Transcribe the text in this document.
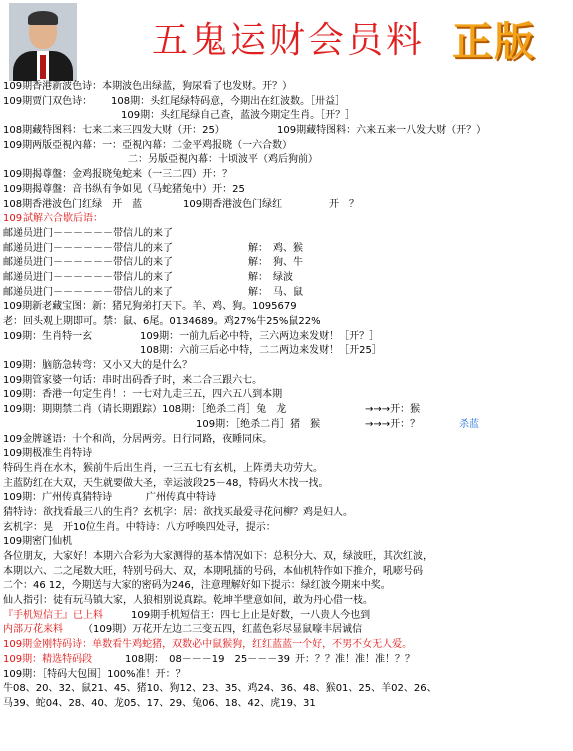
五鬼运财会员料 正版
109期香港新波色诗：本期波色出绿蓝，狗尿看了也发财。开？）
109期贾门双色诗： 108期：头红尾绿特码意，今期出在红波数。［卅益］
109期：头红尾绿自己查，蓝波今期定生肖。［开？］
108期藏特图料：七来二来三四发大财（开：25）	109期藏特图料：六来五来一八发大财（开？）
109期两版亞視內幕：一：亞視內幕：二金平鸡报晓（一六合数）
二：另版亞視內幕：十顷波平（鸡后狗前）
109期揭尊盤：金鸡报晓兔蛇来（一三二四）开：？
109期揭尊盤：音书纵有争如见（马蛇猪兔中）开：25
108期香港波色门红绿　开　蓝	109期香港波色门绿红	开　？
109 試解六合歇后语：
邮递员进门－－－－－－带信儿的来了
邮递员进门－－－－－－带信儿的来了	解：　鸡、猴
邮递员进门－－－－－－带信儿的来了	解：　狗、牛
邮递员进门－－－－－－带信儿的来了	解：　绿波
邮递员进门－－－－－－带信儿的来了	解：　马、鼠
109期新老藏宝图：新：猪兄狗弟打天下。羊、鸡、狗。1095679
老：回头观上期即可。禁：鼠、6尾。0134689。鸡27%牛25%鼠22%
109期：生肖特一玄	109期：一前九后必中特，三六两边来发财！［开？］
108期：六前三后必中特，二二两边来发财！［开25］
109期：脑筋急转弯：又小又大的是什么？
109期管家婆一句话：串时出码香子时，来二合三跟六七。
109期：香港一句定生肖！：一七对九走三五，四六五八到本期
109期：期期禁二肖（请长期跟踪）108期：［绝杀二肖］兔　龙	→→→开：猴
109期：［绝杀二肖］猪　猴	→→→开：？	杀蓝
109金牌谜语：十个和尚，分居两旁。日行同路，夜睡同床。
109期极准生肖特诗
特码生肖在水木，猴前牛后出生肖，一三五七有玄机，上阵勇夫功劳大。
主蓝防红在大双，天生就要做大圣，幸运波段25－48，特码火木找一找。
109期：广州传真猜特诗	广州传真中特诗
猜特诗：欲找看最三八的生肖？玄机字：居：欲找买最爱寻花问柳？鸡是妇人。
玄机字：晃　开10位生肖。中特诗：八方呼唤四处寻，提示：
109期密门仙机
各位朋友，大家好！本期六合彩为大家测得的基本情况如下：总积分大、双，绿波旺，其次红波，
本期以六、二之尾数大旺，特别号码大、双，本期吼擂的号码，本仙机特作如下推介，吼嘭号码
二个：46 12，今期送与大家的密码为246，注意理解好如下提示：绿红波今期来中奖。
仙人指引：徒有玩马镇大家，人狼相别说真踪。乾坤半壁意如间，敢为丹心借一枝。
『手机短信王』已上料	109期手机短信王：四七上止是好数，一八贵人今也到
内部万花来料 （109期）万花开左边二三变五四，红蓝色彩尽显鼠嚎丰居诚信
109期金刚特码诗：单数看牛鸡蛇猪，双数必中鼠猴狗，红红蓝蓝一个好，不男不女无人爱。
109期：精选特码段	108期：　08－－－19　25－－－39 开：？？准！准！准！？？
109期：［特码大包围］100%准！开：？
牛08、20、32、鼠21、45、猪10、狗12、23、35、鸡24、36、48、猴01、25、羊02、26、
马39、蛇04、28、40、龙05、17、29、兔06、18、42、虎19、31
